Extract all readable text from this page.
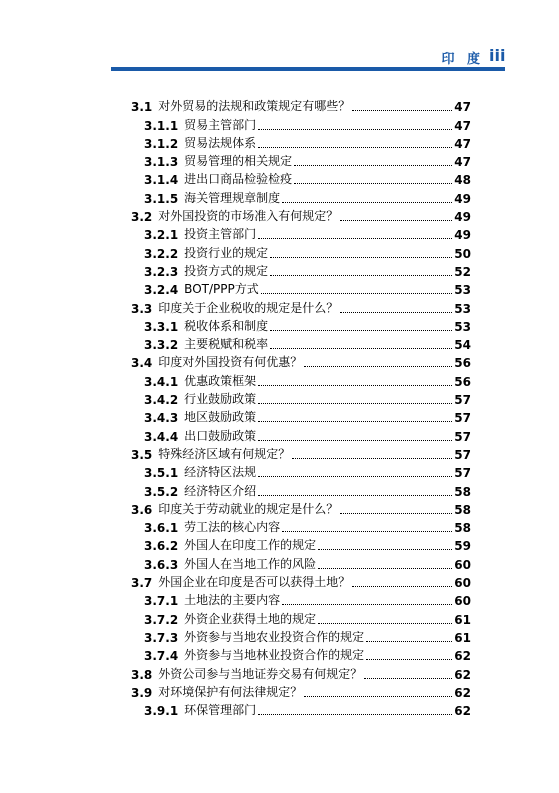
印 度 iii
3.1 对外贸易的法规和政策规定有哪些？	47
3.1.1 贸易主管部门	47
3.1.2 贸易法规体系	47
3.1.3 贸易管理的相关规定	47
3.1.4 进出口商品检验检疫	48
3.1.5 海关管理规章制度	49
3.2 对外国投资的市场准入有何规定？	49
3.2.1 投资主管部门	49
3.2.2 投资行业的规定	50
3.2.3 投资方式的规定	52
3.2.4 BOT/PPP方式	53
3.3 印度关于企业税收的规定是什么？	53
3.3.1 税收体系和制度	53
3.3.2 主要税赋和税率	54
3.4 印度对外国投资有何优惠？	56
3.4.1 优惠政策框架	56
3.4.2 行业鼓励政策	57
3.4.3 地区鼓励政策	57
3.4.4 出口鼓励政策	57
3.5 特殊经济区域有何规定？	57
3.5.1 经济特区法规	57
3.5.2 经济特区介绍	58
3.6 印度关于劳动就业的规定是什么？	58
3.6.1 劳工法的核心内容	58
3.6.2 外国人在印度工作的规定	59
3.6.3 外国人在当地工作的风险	60
3.7 外国企业在印度是否可以获得土地？	60
3.7.1 土地法的主要内容	60
3.7.2 外资企业获得土地的规定	61
3.7.3 外资参与当地农业投资合作的规定	61
3.7.4 外资参与当地林业投资合作的规定	62
3.8 外资公司参与当地证券交易有何规定？	62
3.9 对环境保护有何法律规定？	62
3.9.1 环保管理部门	62
